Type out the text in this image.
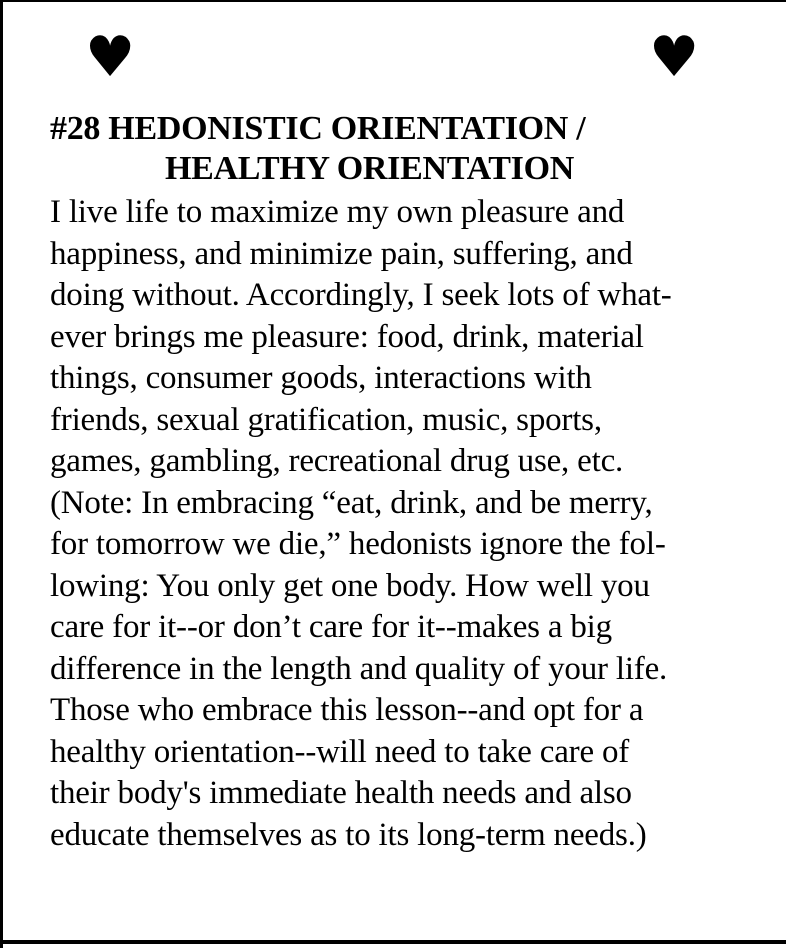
♥	♥
#28 HEDONISTIC ORIENTATION /
HEALTHY ORIENTATION
I live life to maximize my own pleasure and
happiness, and minimize pain, suffering, and
doing without. Accordingly, I seek lots of what-
ever brings me pleasure: food, drink, material
things, consumer goods, interactions with
friends, sexual gratification, music, sports,
games, gambling, recreational drug use, etc.
(Note: In embracing “eat, drink, and be merry,
for tomorrow we die,” hedonists ignore the fol-
lowing: You only get one body. How well you
care for it--or don’t care for it--makes a big
difference in the length and quality of your life.
Those who embrace this lesson--and opt for a
healthy orientation--will need to take care of
their body's immediate health needs and also
educate themselves as to its long-term needs.)
